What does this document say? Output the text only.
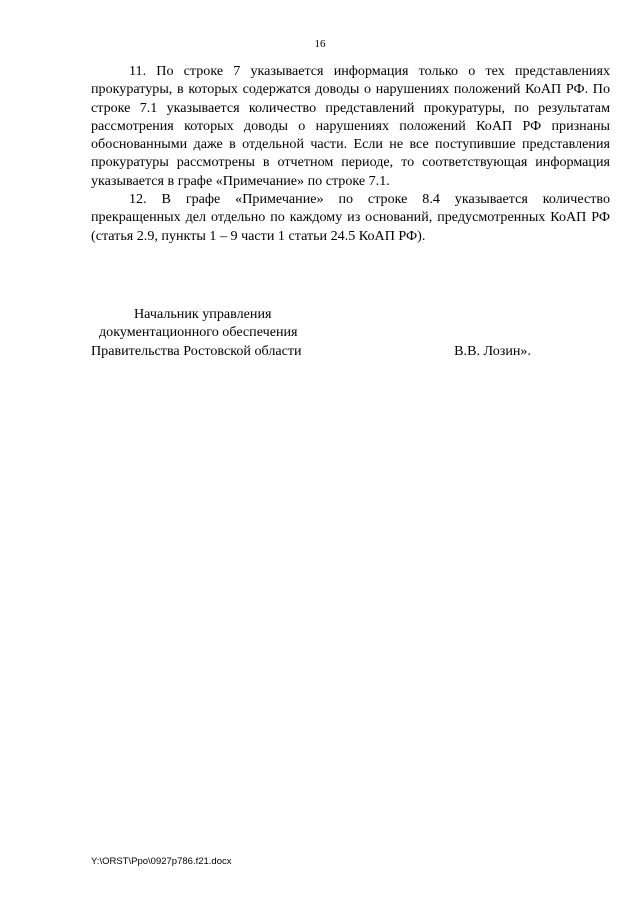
16

11. По строке 7 указывается информация только о тех представлениях прокуратуры, в которых содержатся доводы о нарушениях положений КоАП РФ. По строке 7.1 указывается количество представлений прокуратуры, по результатам рассмотрения которых доводы о нарушениях положений КоАП РФ признаны обоснованными даже в отдельной части. Если не все поступившие представления прокуратуры рассмотрены в отчетном периоде, то соответствующая информация указывается в графе «Примечание» по строке 7.1.

12. В графе «Примечание» по строке 8.4 указывается количество прекращенных дел отдельно по каждому из оснований, предусмотренных КоАП РФ (статья 2.9, пункты 1 – 9 части 1 статьи 24.5 КоАП РФ).

Начальник управления
документационного обеспечения
Правительства Ростовской области	В.В. Лозин».
Y:\ORST\Ppo\0927p786.f21.docx
